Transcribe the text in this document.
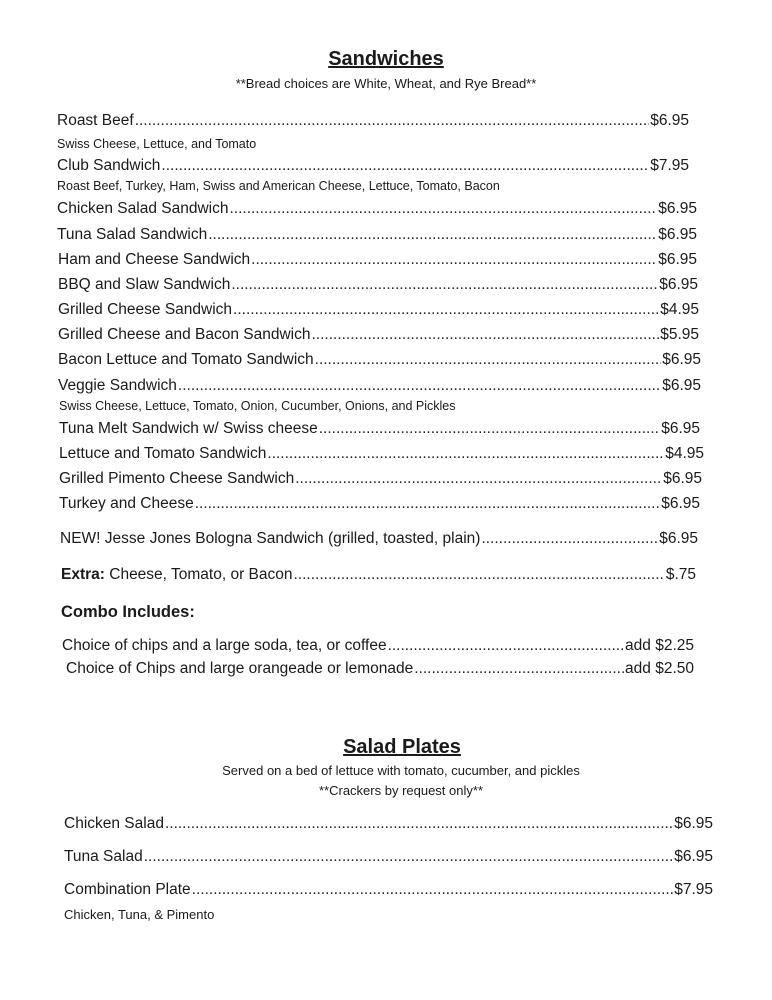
Sandwiches
**Bread choices are White, Wheat, and Rye Bread**
Roast Beef .....	$6.95
Swiss Cheese, Lettuce, and Tomato
Club Sandwich .....	$7.95
Roast Beef, Turkey, Ham, Swiss and American Cheese, Lettuce, Tomato, Bacon
Chicken Salad Sandwich .....	$6.95
Tuna Salad Sandwich .....	$6.95
Ham and Cheese Sandwich .....	$6.95
BBQ and Slaw Sandwich .....	$6.95
Grilled Cheese Sandwich .....	$4.95
Grilled Cheese and Bacon Sandwich .....	$5.95
Bacon Lettuce and Tomato Sandwich .....	$6.95
Veggie Sandwich .....	$6.95
Swiss Cheese, Lettuce, Tomato, Onion, Cucumber, Onions, and Pickles
Tuna Melt Sandwich w/ Swiss cheese .....	$6.95
Lettuce and Tomato Sandwich .....	$4.95
Grilled Pimento Cheese Sandwich .....	$6.95
Turkey and Cheese .....	$6.95
NEW! Jesse Jones Bologna Sandwich (grilled, toasted, plain) .....	$6.95
Extra: Cheese, Tomato, or Bacon .....	$.75
Combo Includes:
Choice of chips and a large soda, tea, or coffee .....	add $2.25
Choice of Chips and large orangeade or lemonade .....	add $2.50
Salad Plates
Served on a bed of lettuce with tomato, cucumber, and pickles
**Crackers by request only**
Chicken Salad .....	$6.95
Tuna Salad .....	$6.95
Combination Plate .....	$7.95
Chicken, Tuna, & Pimento
